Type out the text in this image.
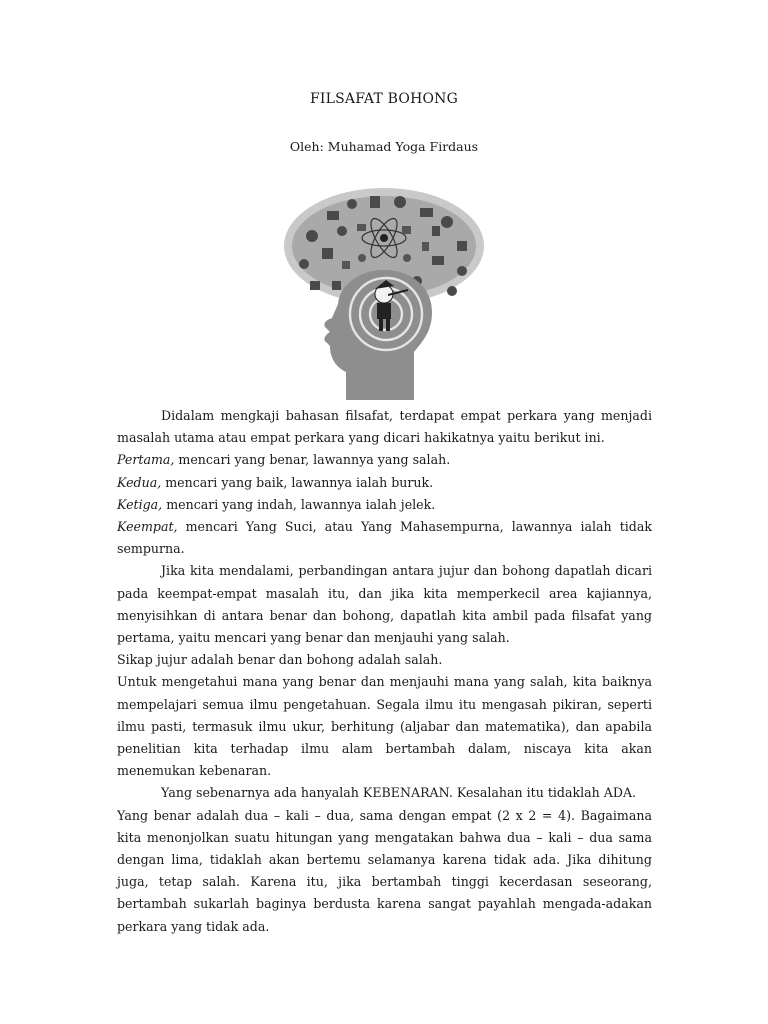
FILSAFAT BOHONG
Oleh: Muhamad Yoga Firdaus

Didalam mengkaji bahasan filsafat, terdapat empat perkara yang menjadi masalah utama atau empat perkara yang dicari hakikatnya yaitu berikut ini.

Pertama, mencari yang benar, lawannya yang salah.

Kedua, mencari yang baik, lawannya ialah buruk.

Ketiga, mencari yang indah, lawannya ialah jelek.

Keempat, mencari Yang Suci, atau Yang Mahasempurna, lawannya ialah tidak sempurna.

Jika kita mendalami, perbandingan antara jujur dan bohong dapatlah dicari pada keempat-empat masalah itu, dan jika kita memperkecil area kajiannya, menyisihkan di antara benar dan bohong, dapatlah kita ambil pada filsafat yang pertama, yaitu mencari yang benar dan menjauhi yang salah.

Sikap jujur adalah benar dan bohong adalah salah.

Untuk mengetahui mana yang benar dan menjauhi mana yang salah, kita baiknya mempelajari semua ilmu pengetahuan. Segala ilmu itu mengasah pikiran, seperti ilmu pasti, termasuk ilmu ukur, berhitung (aljabar dan matematika), dan apabila penelitian kita terhadap ilmu alam bertambah dalam, niscaya kita akan menemukan kebenaran.

Yang sebenarnya ada hanyalah KEBENARAN. Kesalahan itu tidaklah ADA.

Yang benar adalah dua – kali – dua, sama dengan empat (2 x 2 = 4). Bagaimana kita menonjolkan suatu hitungan yang mengatakan bahwa dua – kali – dua sama dengan lima, tidaklah akan bertemu selamanya karena tidak ada. Jika dihitung juga, tetap salah. Karena itu, jika bertambah tinggi kecerdasan seseorang, bertambah sukarlah baginya berdusta karena sangat payahlah mengada-adakan perkara yang tidak ada.
